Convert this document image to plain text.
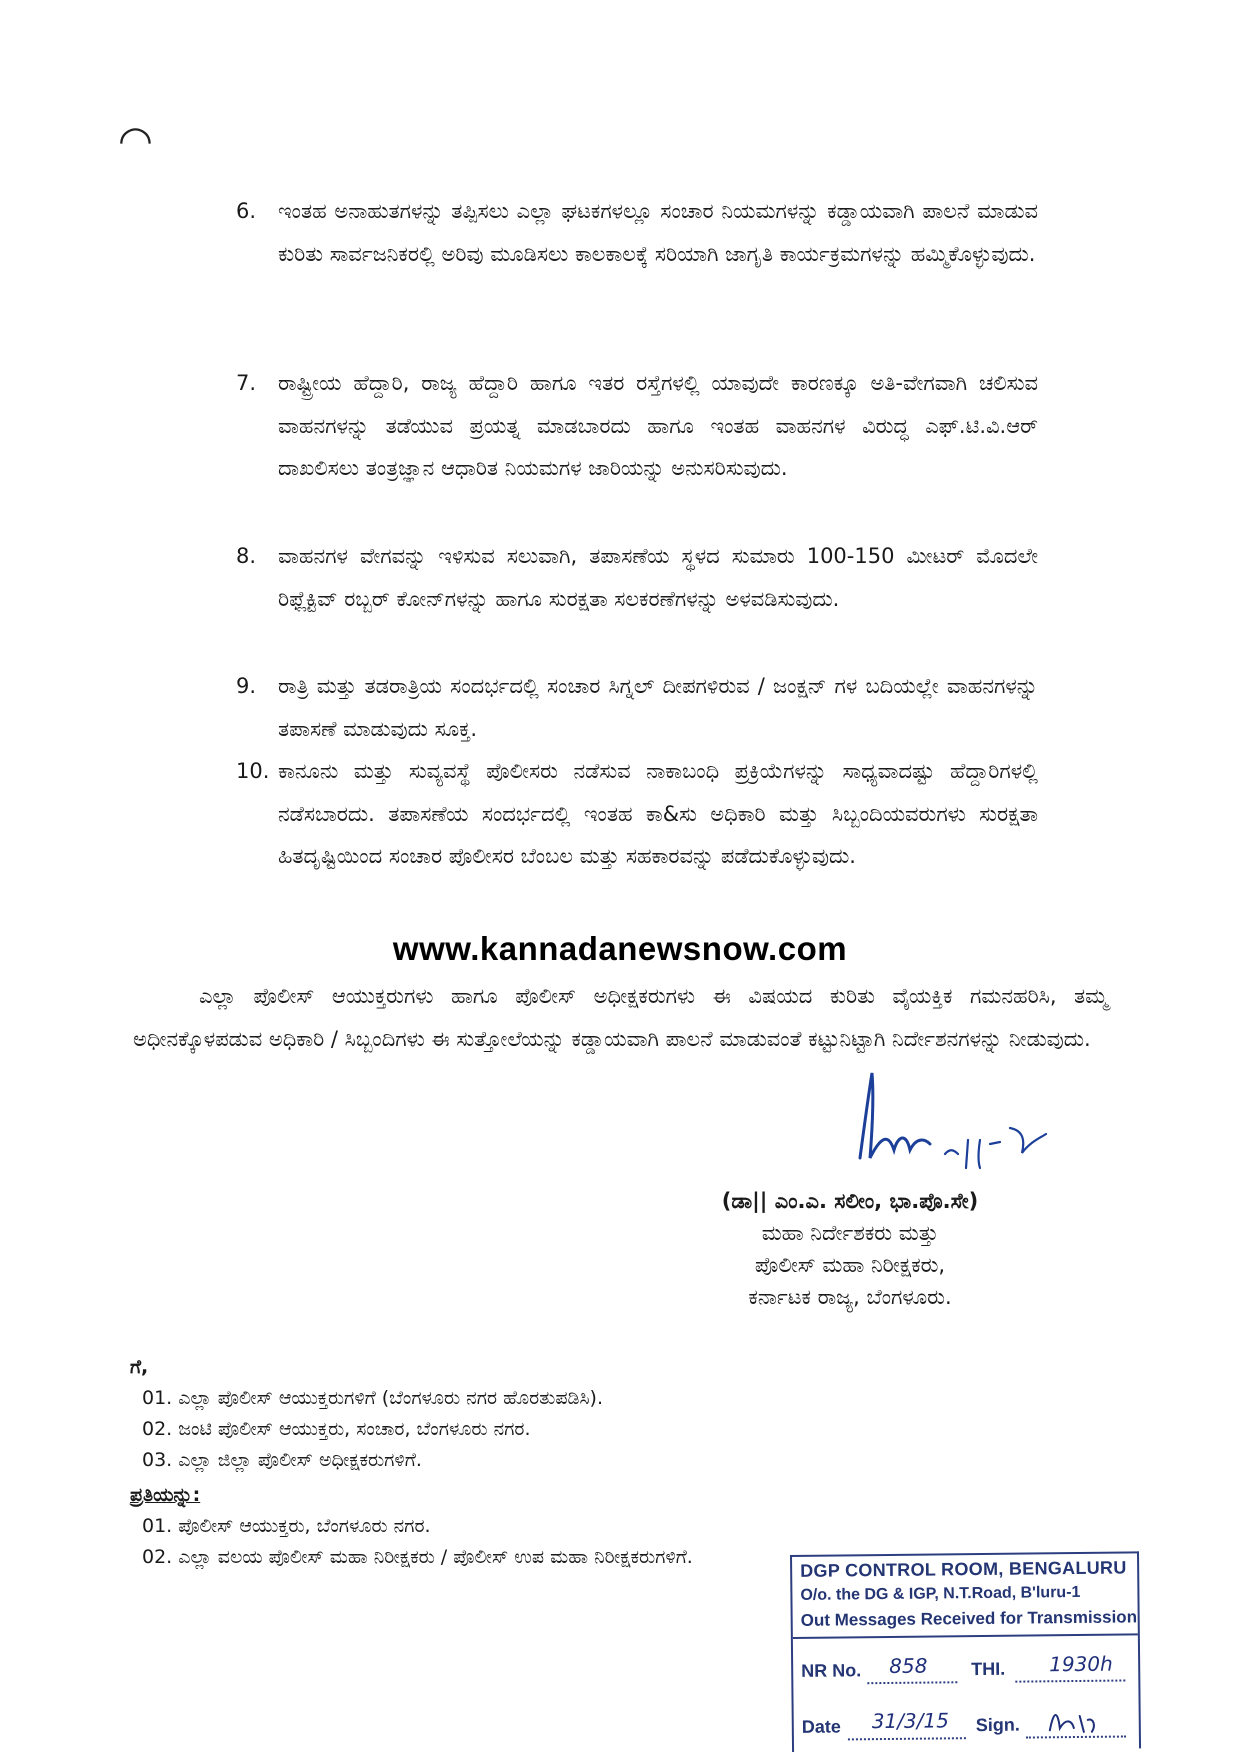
◠
6.	ಇಂತಹ ಅನಾಹುತಗಳನ್ನು ತಪ್ಪಿಸಲು ಎಲ್ಲಾ ಘಟಕಗಳಲ್ಲೂ ಸಂಚಾರ ನಿಯಮಗಳನ್ನು ಕಡ್ಡಾಯವಾಗಿ ಪಾಲನೆ ಮಾಡುವ ಕುರಿತು ಸಾರ್ವಜನಿಕರಲ್ಲಿ ಅರಿವು ಮೂಡಿಸಲು ಕಾಲಕಾಲಕ್ಕೆ ಸರಿಯಾಗಿ ಜಾಗೃತಿ ಕಾರ್ಯಕ್ರಮಗಳನ್ನು ಹಮ್ಮಿಕೊಳ್ಳುವುದು.
7.	ರಾಷ್ಟ್ರೀಯ ಹೆದ್ದಾರಿ, ರಾಜ್ಯ ಹೆದ್ದಾರಿ ಹಾಗೂ ಇತರ ರಸ್ತೆಗಳಲ್ಲಿ ಯಾವುದೇ ಕಾರಣಕ್ಕೂ ಅತಿ-ವೇಗವಾಗಿ ಚಲಿಸುವ ವಾಹನಗಳನ್ನು ತಡೆಯುವ ಪ್ರಯತ್ನ ಮಾಡಬಾರದು ಹಾಗೂ ಇಂತಹ ವಾಹನಗಳ ವಿರುದ್ಧ ಎಫ್.ಟಿ.ವಿ.ಆರ್ ದಾಖಲಿಸಲು ತಂತ್ರಜ್ಞಾನ ಆಧಾರಿತ ನಿಯಮಗಳ ಜಾರಿಯನ್ನು ಅನುಸರಿಸುವುದು.
8.	ವಾಹನಗಳ ವೇಗವನ್ನು ಇಳಿಸುವ ಸಲುವಾಗಿ, ತಪಾಸಣೆಯ ಸ್ಥಳದ ಸುಮಾರು 100-150 ಮೀಟರ್ ಮೊದಲೇ ರಿಫ್ಲೆಕ್ಟಿವ್ ರಬ್ಬರ್ ಕೋನ್‌ಗಳನ್ನು ಹಾಗೂ ಸುರಕ್ಷತಾ ಸಲಕರಣೆಗಳನ್ನು ಅಳವಡಿಸುವುದು.
9.	ರಾತ್ರಿ ಮತ್ತು ತಡರಾತ್ರಿಯ ಸಂದರ್ಭದಲ್ಲಿ ಸಂಚಾರ ಸಿಗ್ನಲ್ ದೀಪಗಳಿರುವ / ಜಂಕ್ಷನ್ ಗಳ ಬದಿಯಲ್ಲೇ ವಾಹನಗಳನ್ನು ತಪಾಸಣೆ ಮಾಡುವುದು ಸೂಕ್ತ.
10. ಕಾನೂನು ಮತ್ತು ಸುವ್ಯವಸ್ಥೆ ಪೊಲೀಸರು ನಡೆಸುವ ನಾಕಾಬಂಧಿ ಪ್ರಕ್ರಿಯೆಗಳನ್ನು ಸಾಧ್ಯವಾದಷ್ಟು ಹೆದ್ದಾರಿಗಳಲ್ಲಿ ನಡೆಸಬಾರದು. ತಪಾಸಣೆಯ ಸಂದರ್ಭದಲ್ಲಿ ಇಂತಹ ಕಾ&ಸು ಅಧಿಕಾರಿ ಮತ್ತು ಸಿಬ್ಬಂದಿಯವರುಗಳು ಸುರಕ್ಷತಾ ಹಿತದೃಷ್ಟಿಯಿಂದ ಸಂಚಾರ ಪೊಲೀಸರ ಬೆಂಬಲ ಮತ್ತು ಸಹಕಾರವನ್ನು ಪಡೆದುಕೊಳ್ಳುವುದು.
www.kannadanewsnow.com
ಎಲ್ಲಾ ಪೊಲೀಸ್ ಆಯುಕ್ತರುಗಳು ಹಾಗೂ ಪೊಲೀಸ್ ಅಧೀಕ್ಷಕರುಗಳು ಈ ವಿಷಯದ ಕುರಿತು ವೈಯಕ್ತಿಕ ಗಮನಹರಿಸಿ, ತಮ್ಮ ಅಧೀನಕ್ಕೊಳಪಡುವ ಅಧಿಕಾರಿ / ಸಿಬ್ಬಂದಿಗಳು ಈ ಸುತ್ತೋಲೆಯನ್ನು ಕಡ್ಡಾಯವಾಗಿ ಪಾಲನೆ ಮಾಡುವಂತೆ ಕಟ್ಟುನಿಟ್ಟಾಗಿ ನಿರ್ದೇಶನಗಳನ್ನು ನೀಡುವುದು.
(ಡಾ|| ಎಂ.ಎ. ಸಲೀಂ, ಭಾ.ಪೊ.ಸೇ)
ಮಹಾ ನಿರ್ದೇಶಕರು ಮತ್ತು
ಪೊಲೀಸ್ ಮಹಾ ನಿರೀಕ್ಷಕರು,
ಕರ್ನಾಟಕ ರಾಜ್ಯ, ಬೆಂಗಳೂರು.
ಗೆ,
01. ಎಲ್ಲಾ ಪೊಲೀಸ್ ಆಯುಕ್ತರುಗಳಿಗೆ (ಬೆಂಗಳೂರು ನಗರ ಹೊರತುಪಡಿಸಿ).
02. ಜಂಟಿ ಪೊಲೀಸ್ ಆಯುಕ್ತರು, ಸಂಚಾರ, ಬೆಂಗಳೂರು ನಗರ.
03. ಎಲ್ಲಾ ಜಿಲ್ಲಾ ಪೊಲೀಸ್ ಅಧೀಕ್ಷಕರುಗಳಿಗೆ.
ಪ್ರತಿಯನ್ನು:
01. ಪೊಲೀಸ್ ಆಯುಕ್ತರು, ಬೆಂಗಳೂರು ನಗರ.
02. ಎಲ್ಲಾ ವಲಯ ಪೊಲೀಸ್ ಮಹಾ ನಿರೀಕ್ಷಕರು / ಪೊಲೀಸ್ ಉಪ ಮಹಾ ನಿರೀಕ್ಷಕರುಗಳಿಗೆ.
DGP CONTROL ROOM, BENGALURU
O/o. the DG & IGP, N.T.Road, B'luru-1
Out Messages Received for Transmission
NR No. 858 THI. 1930h
Date 31/3/15 Sign.
